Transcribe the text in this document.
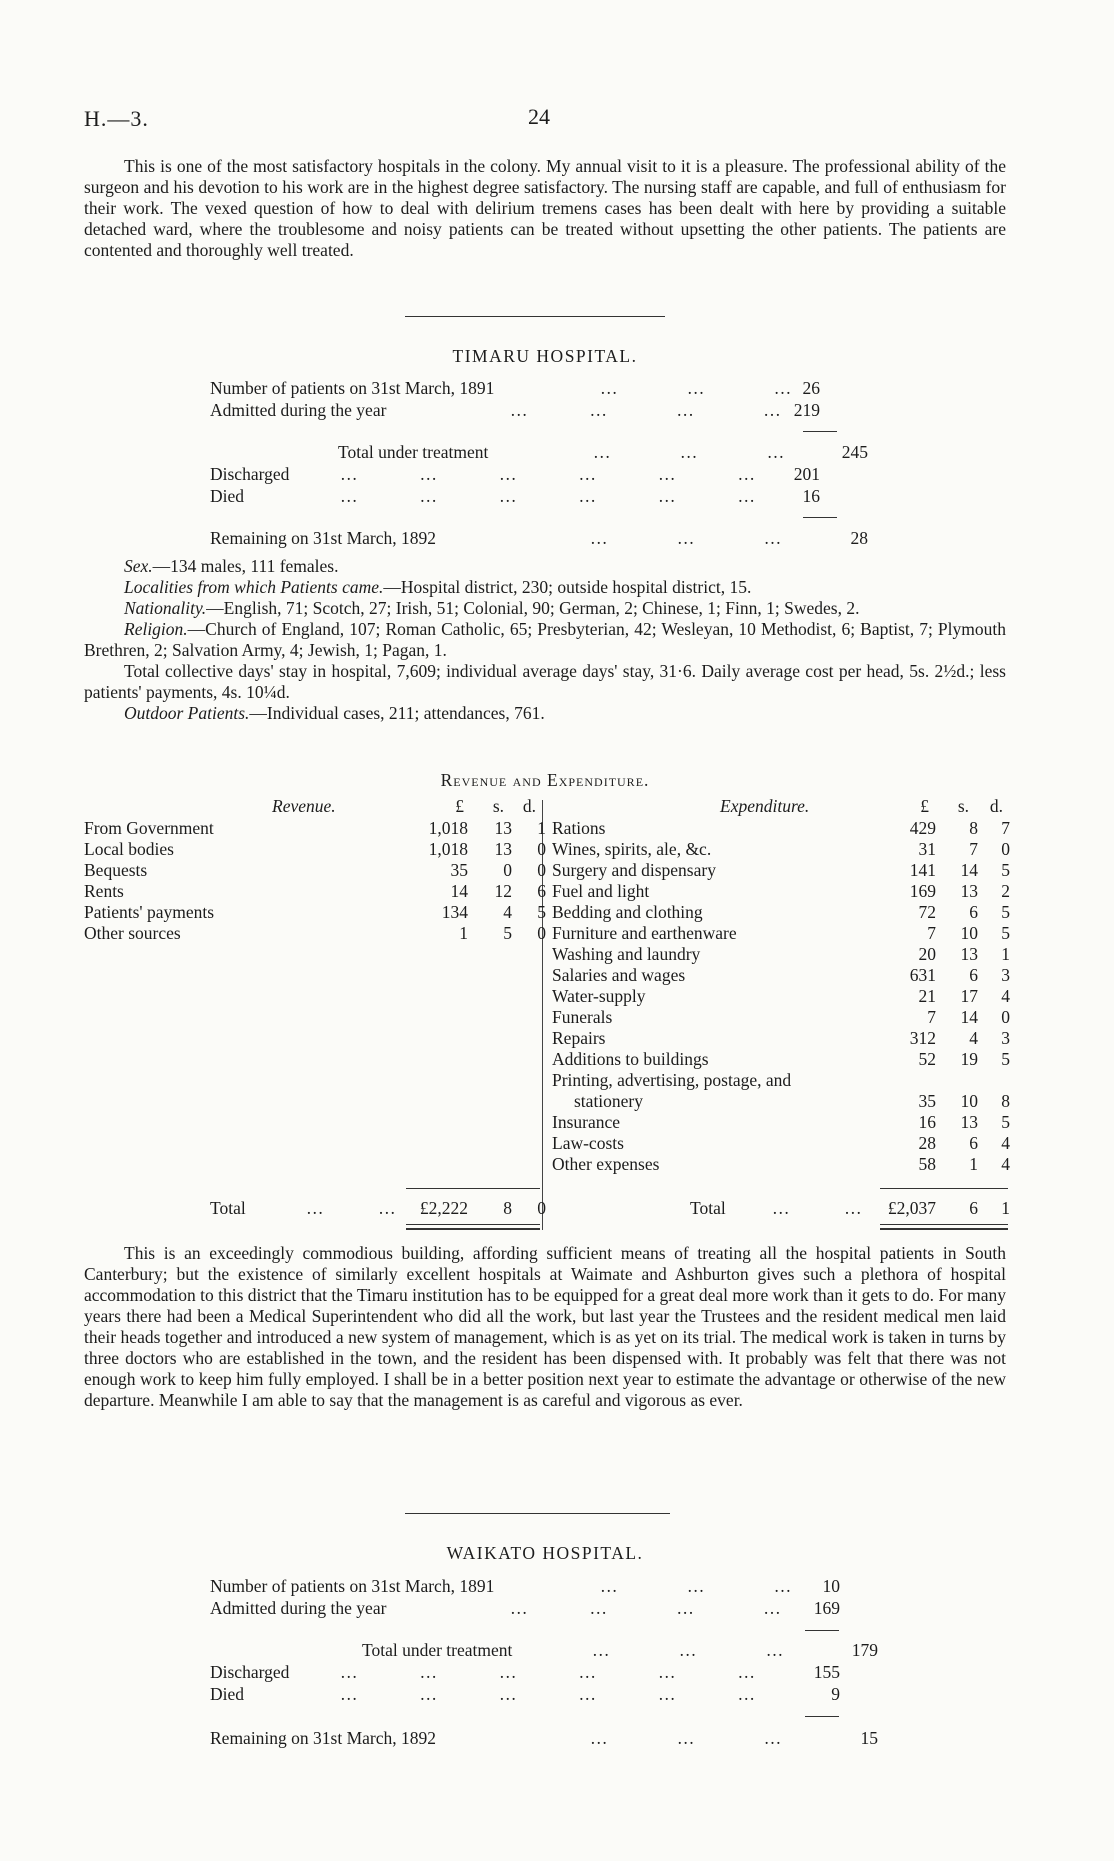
H.—3.	24

This is one of the most satisfactory hospitals in the colony. My annual visit to it is a pleasure. The professional ability of the surgeon and his devotion to his work are in the highest degree satisfactory. The nursing staff are capable, and full of enthusiasm for their work. The vexed question of how to deal with delirium tremens cases has been dealt with here by providing a suitable detached ward, where the troublesome and noisy patients can be treated without upsetting the other patients. The patients are contented and thoroughly well treated.

TIMARU HOSPITAL.
Number of patients on 31st March, 1891	…         …         … 26
Admitted during the year	…        …         …         … 219
Total under treatment	…         …         …	245
Discharged	…        …        …        …        …        …	201
Died	…        …        …        …        …        …	16
Remaining on 31st March, 1892	…         …         …	28

Sex.—134 males, 111 females.

Localities from which Patients came.—Hospital district, 230; outside hospital district, 15.

Nationality.—English, 71; Scotch, 27; Irish, 51; Colonial, 90; German, 2; Chinese, 1; Finn, 1; Swedes, 2.

Religion.—Church of England, 107; Roman Catholic, 65; Presbyterian, 42; Wesleyan, 10 Methodist, 6; Baptist, 7; Plymouth Brethren, 2; Salvation Army, 4; Jewish, 1; Pagan, 1.

Total collective days' stay in hospital, 7,609; individual average days' stay, 31·6. Daily average cost per head, 5s. 2½d.; less patients' payments, 4s. 10¼d.

Outdoor Patients.—Individual cases, 211; attendances, 761.

Revenue and Expenditure.
Revenue.	£	s.	d.	Expenditure.	£	s.	d.
From Government	1,018	13	1
Local bodies	1,018	13	0
Bequests	35	0	0
Rents	14	12	6
Patients' payments	134	4	5
Other sources	1	5	0
Rations	429	8	7
Wines, spirits, ale, &c.	31	7	0
Surgery and dispensary	141	14	5
Fuel and light	169	13	2
Bedding and clothing	72	6	5
Furniture and earthenware	7	10	5
Washing and laundry	20	13	1
Salaries and wages	631	6	3
Water-supply	21	17	4
Funerals	7	14	0
Repairs	312	4	3
Additions to buildings	52	19	5
Printing, advertising, postage, and
stationery	35	10	8
Insurance	16	13	5
Law-costs	28	6	4
Other expenses	58	1	4
Total	…       …	£2,222	8	0	Total	…       …	£2,037	6	1

This is an exceedingly commodious building, affording sufficient means of treating all the hospital patients in South Canterbury; but the existence of similarly excellent hospitals at Waimate and Ashburton gives such a plethora of hospital accommodation to this district that the Timaru institution has to be equipped for a great deal more work than it gets to do. For many years there had been a Medical Superintendent who did all the work, but last year the Trustees and the resident medical men laid their heads together and introduced a new system of management, which is as yet on its trial. The medical work is taken in turns by three doctors who are established in the town, and the resident has been dispensed with. It probably was felt that there was not enough work to keep him fully employed. I shall be in a better position next year to estimate the advantage or otherwise of the new departure. Meanwhile I am able to say that the management is as careful and vigorous as ever.

WAIKATO HOSPITAL.
Number of patients on 31st March, 1891	…         …         …	10
Admitted during the year	…        …         …         …	169
Total under treatment	…         …         …	179
Discharged	…        …        …        …        …        …	155
Died	…        …        …        …        …        …	9
Remaining on 31st March, 1892	…         …         …	15
